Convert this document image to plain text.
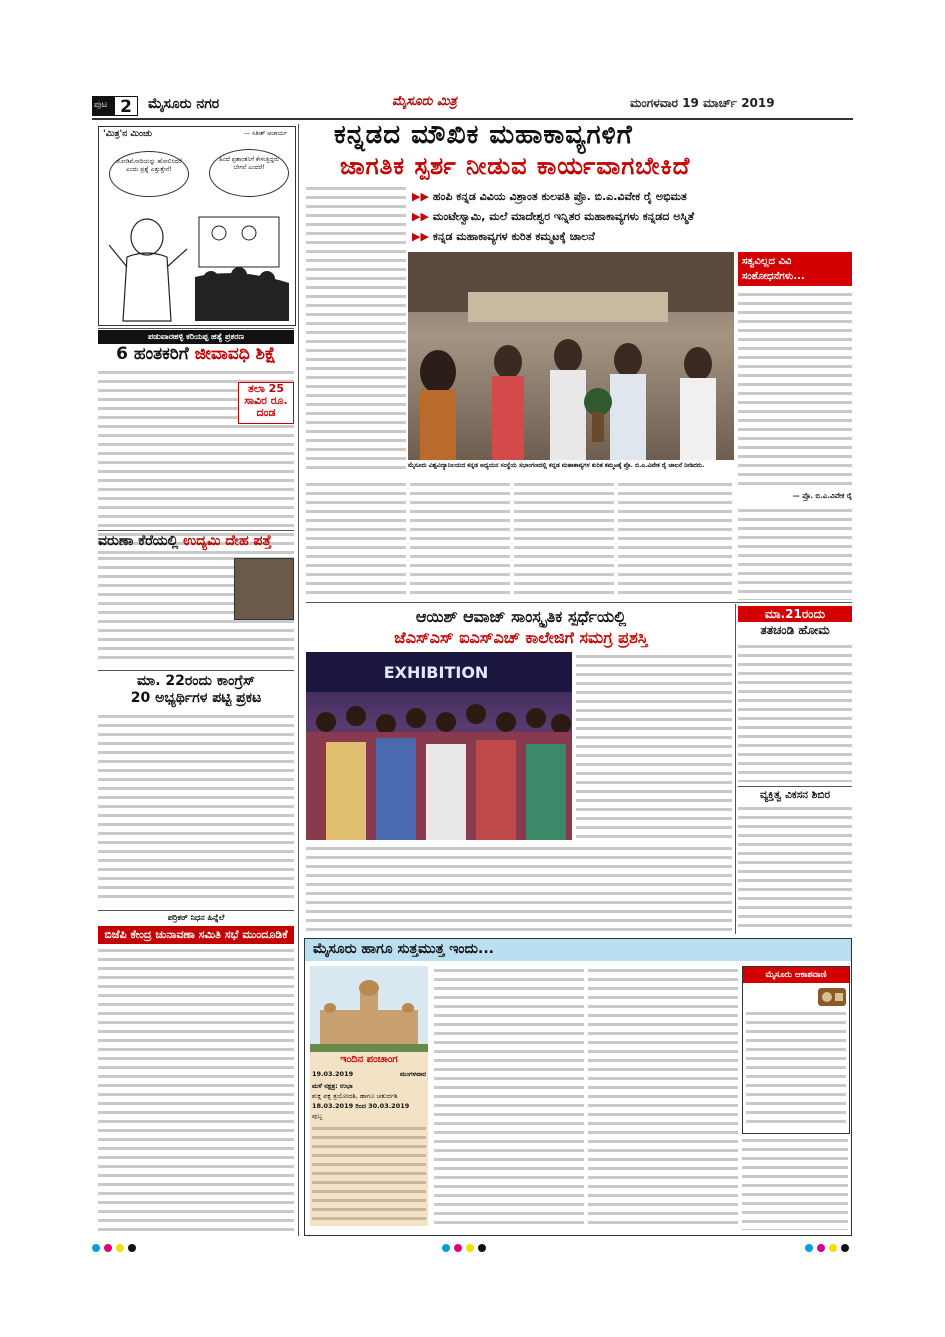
ಪುಟ 2	ಮೈಸೂರು ನಗರ	ಮೈಸೂರು ಮಿತ್ರ	ಮಂಗಳವಾರ 19 ಮಾರ್ಚ್ 2019
'ಮಿತ್ರ'ನ ಮಿಂಚು	— ಸತೀಶ್ ಆಚಾರ್ಯ
ಮೋಡಿಮೋದಿಯನ್ನು ಹೋಲಿಸಿದರೆ ಎಂದು ಪ್ರಶ್ನೆ ಎತ್ತುತ್ತೇನೆ!
ಹಿಂದೆ ಪ್ರಶಾಂತನಿಗೆ ಕೇಳುತ್ತಿದ್ದರು ಬೇಗನೆ ಎಂದರೆ!
ಪಡುವಾರಹಳ್ಳಿ ಕರಿಯಪ್ಪ ಹತ್ಯೆ ಪ್ರಕರಣ
6 ಹಂತಕರಿಗೆ ಜೀವಾವಧಿ ಶಿಕ್ಷೆ
ತಲಾ 25 ಸಾವಿರ ರೂ. ದಂಡ
ವರುಣಾ ಕೆರೆಯಲ್ಲಿ ಉದ್ಯಮಿ ದೇಹ ಪತ್ತೆ
ಮಾ. 22ರಂದು ಕಾಂಗ್ರೆಸ್
20 ಅಭ್ಯರ್ಥಿಗಳ ಪಟ್ಟಿ ಪ್ರಕಟ
ಪರ್ರಿಕರ್ ನಿಧನ ಹಿನ್ನೆಲೆ
ಬಿಜೆಪಿ ಕೇಂದ್ರ ಚುನಾವಣಾ ಸಮಿತಿ ಸಭೆ ಮುಂದೂಡಿಕೆ
ಕನ್ನಡದ ಮೌಖಿಕ ಮಹಾಕಾವ್ಯಗಳಿಗೆ
ಜಾಗತಿಕ ಸ್ಪರ್ಶ ನೀಡುವ ಕಾರ್ಯವಾಗಬೇಕಿದೆ
▶▶ ಹಂಪಿ ಕನ್ನಡ ವಿವಿಯ ವಿಶ್ರಾಂತ ಕುಲಪತಿ ಪ್ರೊ. ಬಿ.ಎ.ವಿವೇಕ ರೈ ಅಭಿಮತ
▶▶ ಮಂಟೇಸ್ವಾಮಿ, ಮಲೆ ಮಾದೇಶ್ವರ ಇನ್ನಿತರ ಮಹಾಕಾವ್ಯಗಳು ಕನ್ನಡದ ಅಸ್ಮಿತೆ
▶▶ ಕನ್ನಡ ಮಹಾಕಾವ್ಯಗಳ ಕುರಿತ ಕಮ್ಮಟಕ್ಕೆ ಚಾಲನೆ
ಮೈಸೂರು ವಿಶ್ವವಿದ್ಯಾನಿಲಯದ ಕನ್ನಡ ಅಧ್ಯಯನ ಸಂಸ್ಥೆಯ ಸಭಾಂಗಣದಲ್ಲಿ ಕನ್ನಡ ಮಹಾಕಾವ್ಯಗಳ ಕುರಿತ ಕಮ್ಮಟಕ್ಕೆ ಪ್ರೊ. ಬಿ.ಎ.ವಿವೇಕ ರೈ ಚಾಲನೆ ನೀಡಿದರು.
ಸತ್ವವಿಲ್ಲದ ವಿವಿ ಸಂಶೋಧನೆಗಳು...
— ಪ್ರೊ. ಬಿ.ಎ.ವಿವೇಕ ರೈ
ಆಯಿಶ್ ಆವಾಜ್ ಸಾಂಸ್ಕೃತಿಕ ಸ್ಪರ್ಧೆಯಲ್ಲಿ
ಜೆಎಸ್‌ಎಸ್ ಐಎಸ್‌ಎಚ್ ಕಾಲೇಜಿಗೆ ಸಮಗ್ರ ಪ್ರಶಸ್ತಿ
EXHIBITION
ಮಾ.21ರಂದು
ತತಚಂಡಿ ಹೋಮ
ವ್ಯಕ್ತಿತ್ವ ವಿಕಸನ ಶಿಬಿರ
ಮೈಸೂರು ಹಾಗೂ ಸುತ್ತಮುತ್ತ ಇಂದು...
ಇಂದಿನ ಪಂಚಾಂಗ
19.03.2019	ಮಂಗಳವಾರ
ಮಳೆ ನಕ್ಷತ್ರ: ಉಭಾ
ಶುಕ್ಲ ಪಕ್ಷ ತ್ರಯೋದಶಿ, ಹಾಗೂ ಚತುರ್ದಶಿ
18.03.2019 ರಿಂದ 30.03.2019
ಪುಬ್ಬ
ಮೈಸೂರು ಆಕಾಶವಾಣಿ
